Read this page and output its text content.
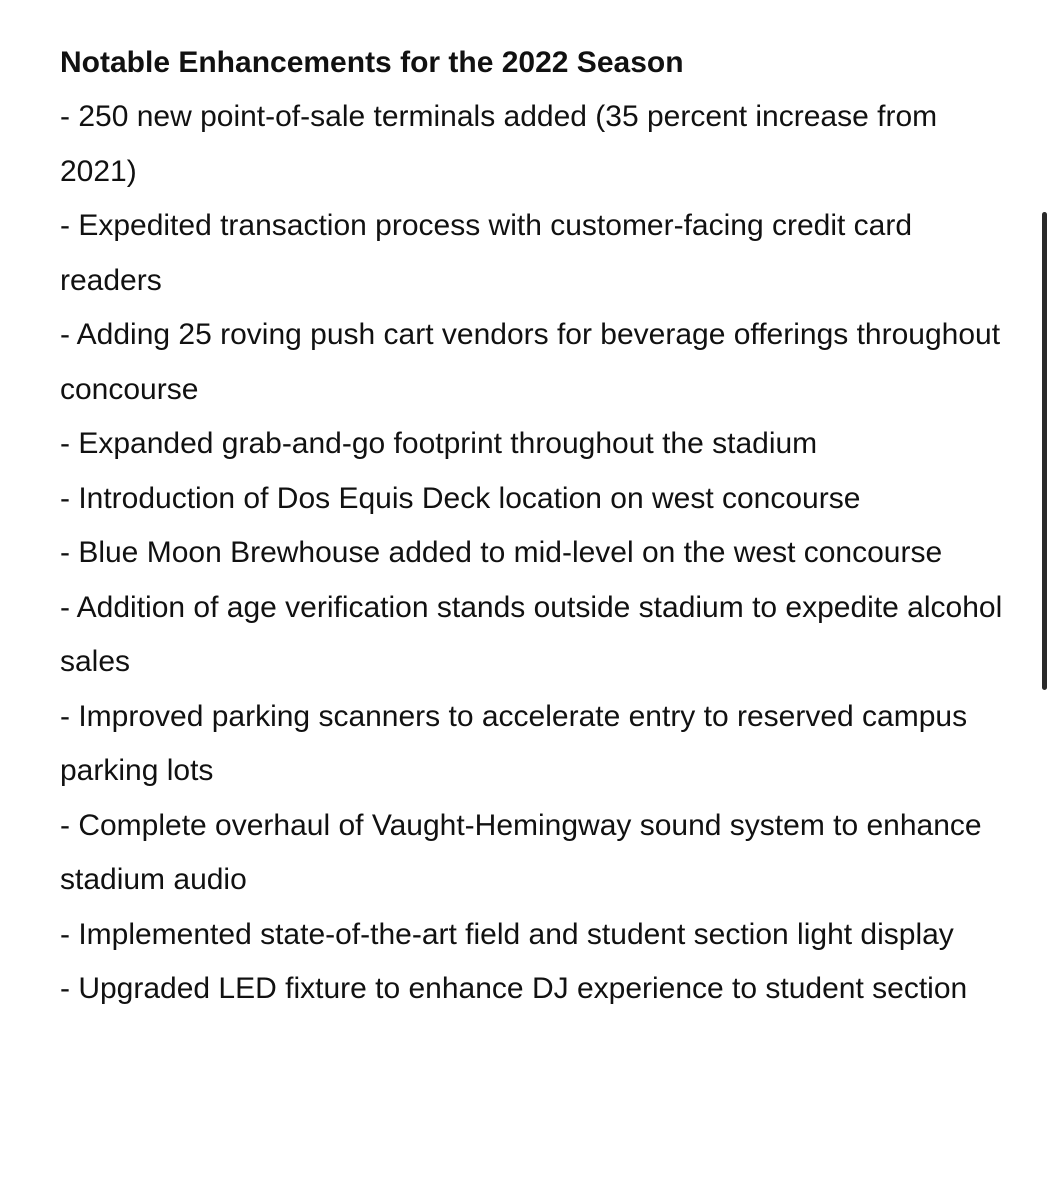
Notable Enhancements for the 2022 Season
- 250 new point-of-sale terminals added (35 percent increase from 2021)
- Expedited transaction process with customer-facing credit card readers
- Adding 25 roving push cart vendors for beverage offerings throughout concourse
- Expanded grab-and-go footprint throughout the stadium
- Introduction of Dos Equis Deck location on west concourse
- Blue Moon Brewhouse added to mid-level on the west concourse
- Addition of age verification stands outside stadium to expedite alcohol sales
- Improved parking scanners to accelerate entry to reserved campus parking lots
- Complete overhaul of Vaught-Hemingway sound system to enhance stadium audio
- Implemented state-of-the-art field and student section light display
- Upgraded LED fixture to enhance DJ experience to student section
